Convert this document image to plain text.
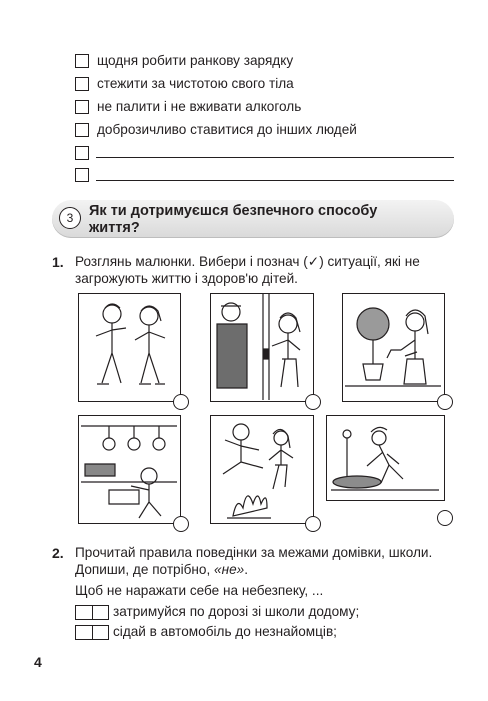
щодня робити ранкову зарядку
стежити за чистотою свого тіла
не палити і не вживати алкоголь
доброзичливо ставитися до інших людей
3	Як ти дотримуєшся безпечного способу
життя?
1. Розглянь малюнки. Вибери і познач (✓) ситуації, які не
загрожують життю і здоров'ю дітей.
2. Прочитай правила поведінки за межами домівки, школи.
Допиши, де потрібно, «не».
Щоб не наражати себе на небезпеку, ...
затримуйся по дорозі зі школи додому;
сідай в автомобіль до незнайомців;
4
